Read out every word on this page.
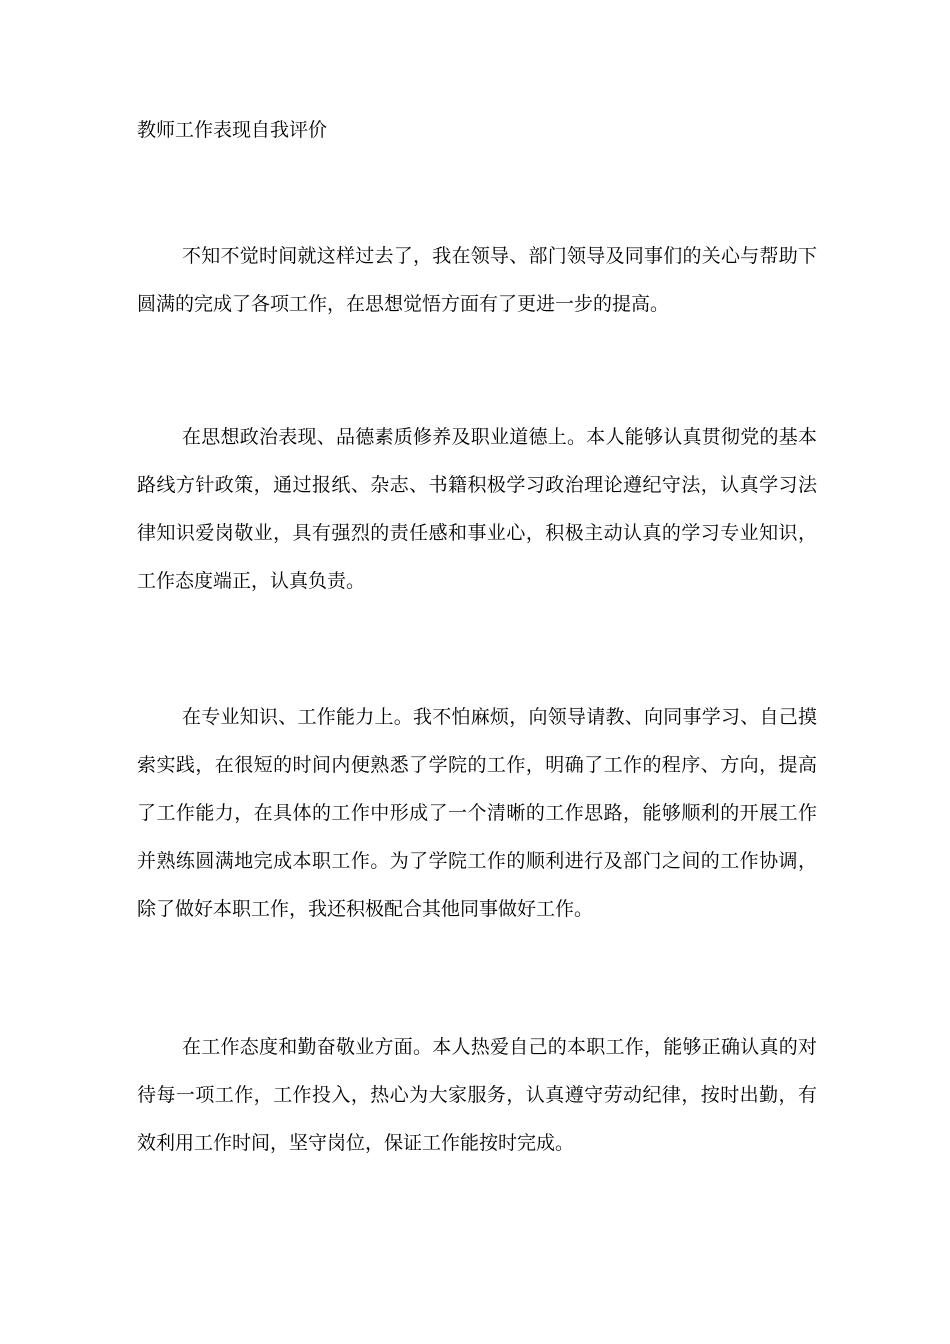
教师工作表现自我评价

不知不觉时间就这样过去了，我在领导、部门领导及同事们的关心与帮助下圆满的完成了各项工作，在思想觉悟方面有了更进一步的提高。

在思想政治表现、品德素质修养及职业道德上。本人能够认真贯彻党的基本路线方针政策，通过报纸、杂志、书籍积极学习政治理论遵纪守法，认真学习法律知识爱岗敬业，具有强烈的责任感和事业心，积极主动认真的学习专业知识，工作态度端正，认真负责。

在专业知识、工作能力上。我不怕麻烦，向领导请教、向同事学习、自己摸索实践，在很短的时间内便熟悉了学院的工作，明确了工作的程序、方向，提高了工作能力，在具体的工作中形成了一个清晰的工作思路，能够顺利的开展工作并熟练圆满地完成本职工作。为了学院工作的顺利进行及部门之间的工作协调，除了做好本职工作，我还积极配合其他同事做好工作。

在工作态度和勤奋敬业方面。本人热爱自己的本职工作，能够正确认真的对待每一项工作，工作投入，热心为大家服务，认真遵守劳动纪律，按时出勤，有效利用工作时间，坚守岗位，保证工作能按时完成。
